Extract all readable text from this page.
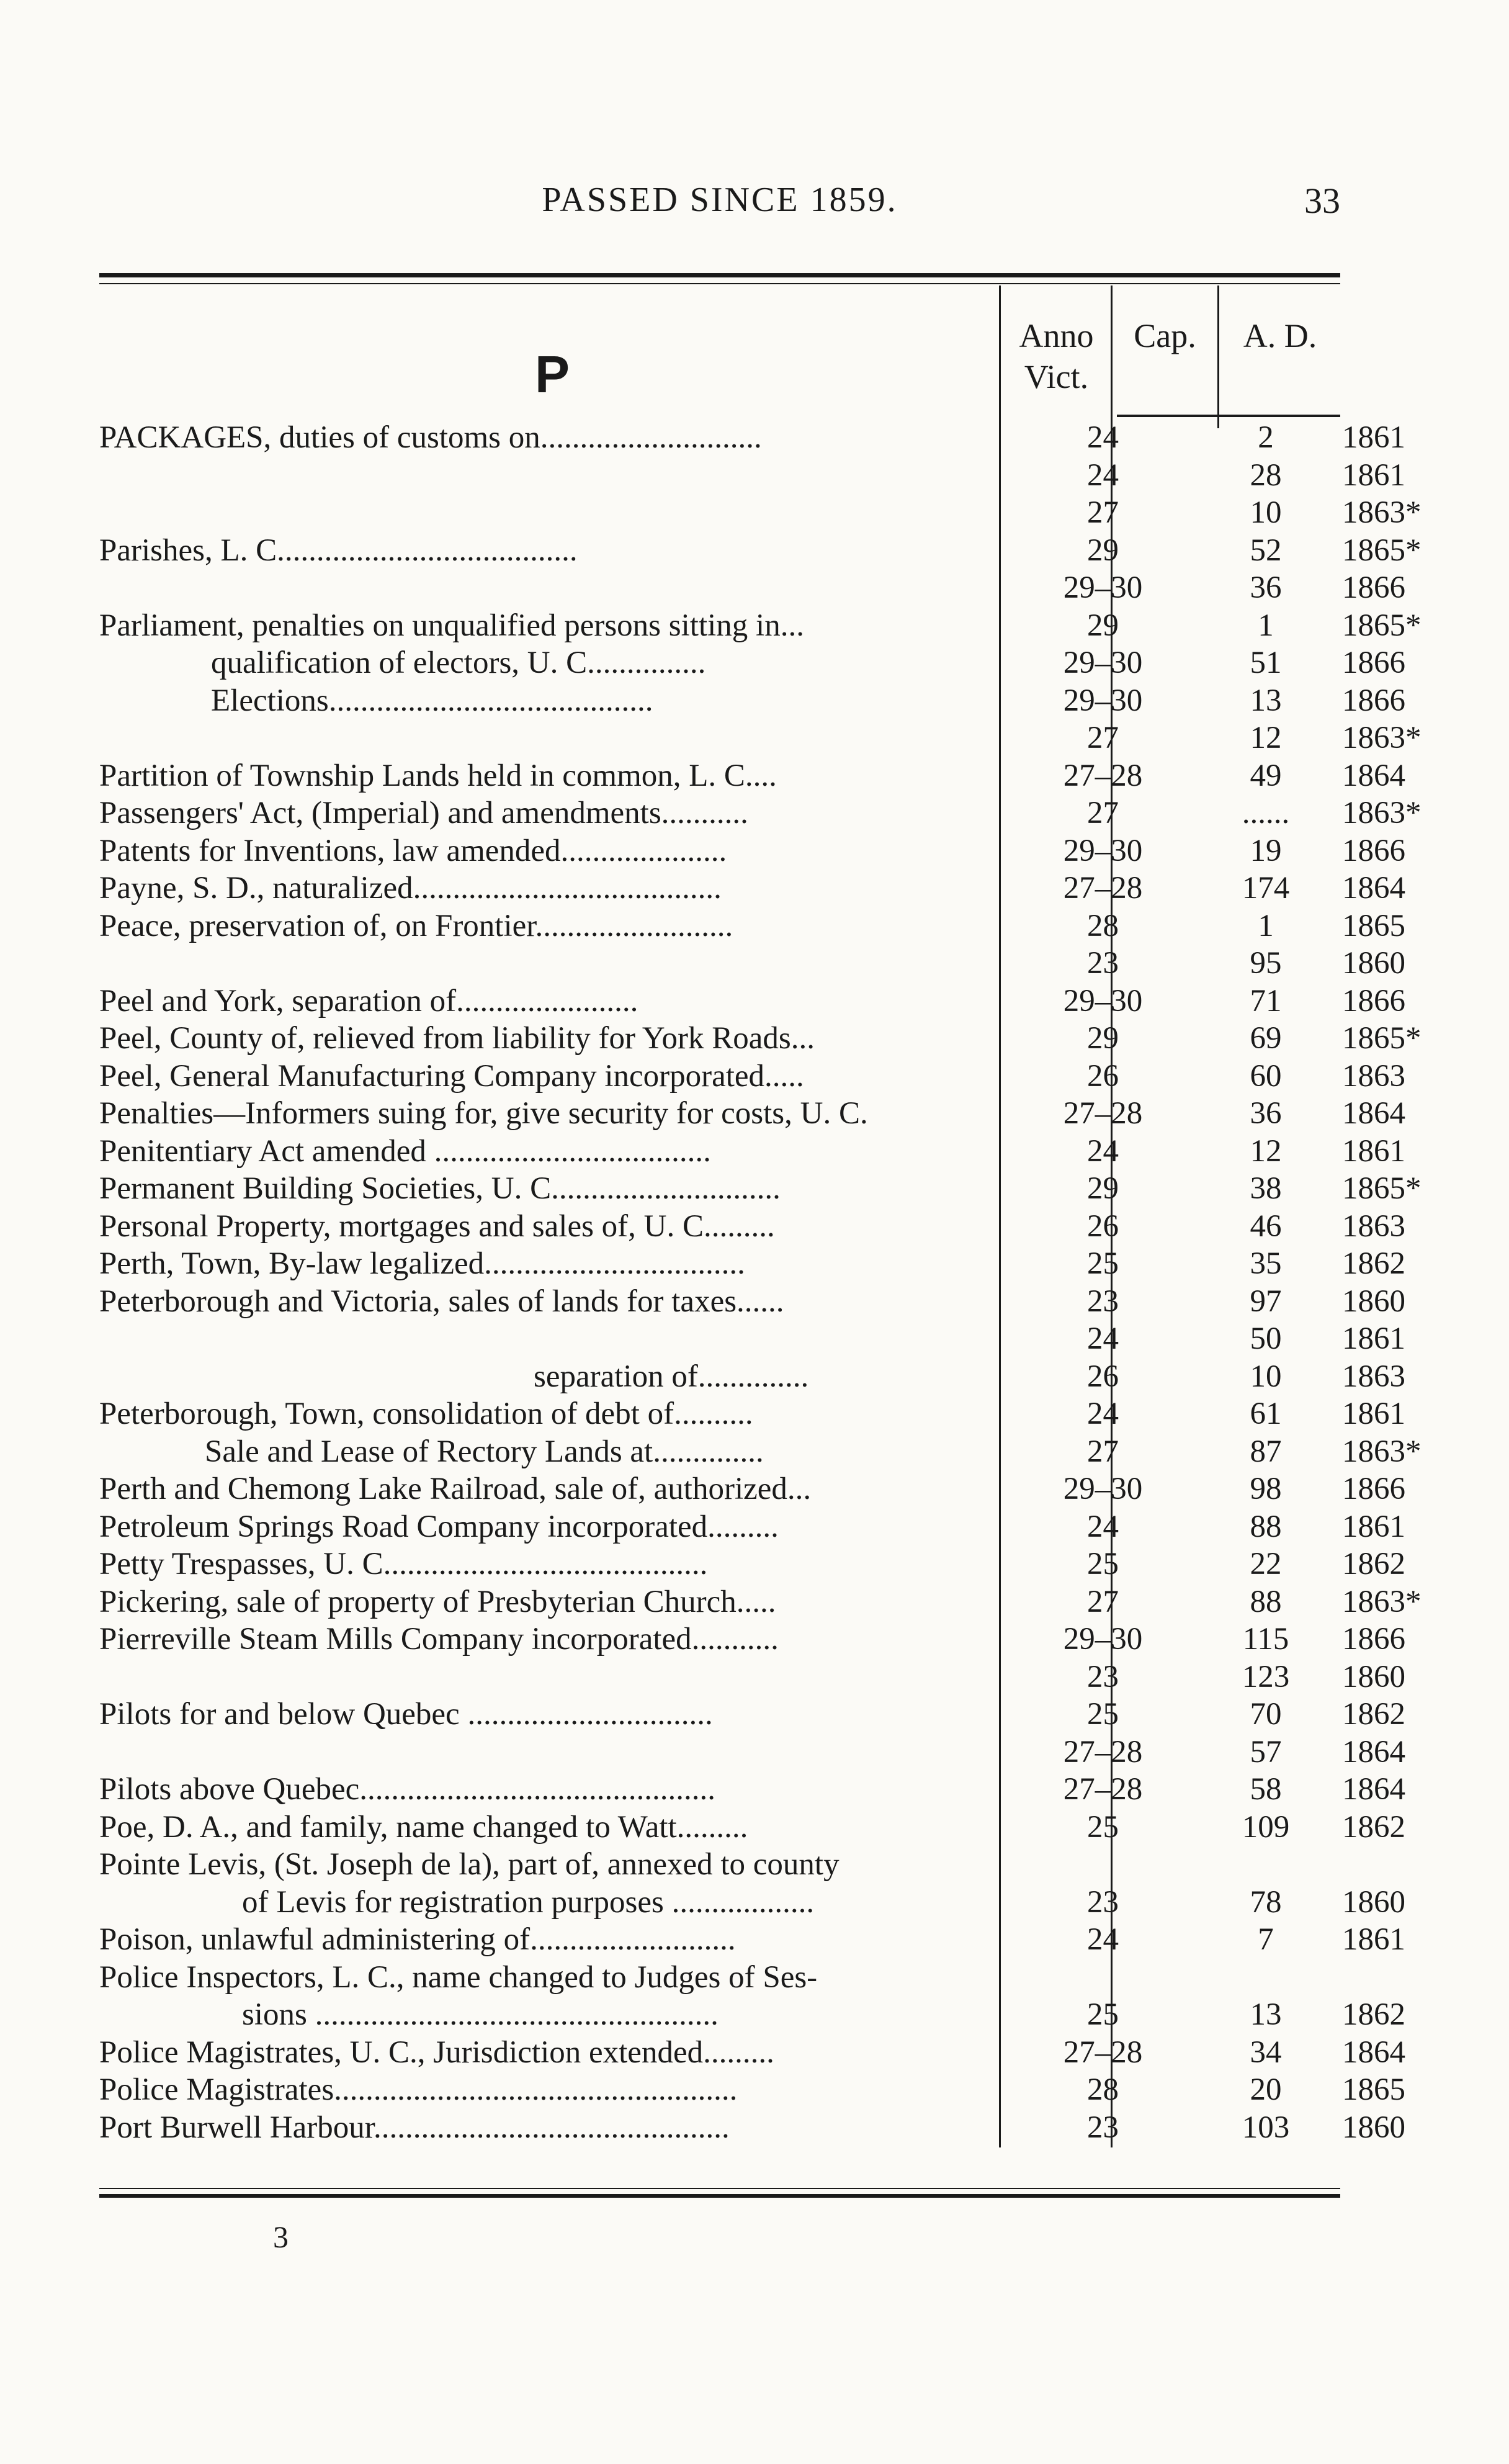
PASSED SINCE 1859.	33
Anno Vict.
Cap.	A. D.
P
PACKAGES, duties of customs on............................	24	2	1861
24	28	1861
27	10	1863*
Parishes, L. C......................................	29	52	1865*
29–30	36	1866
Parliament, penalties on unqualified persons sitting in...	29	1	1865*
qualification of electors, U. C...............	29–30	51	1866
Elections.........................................	29–30	13	1866
27	12	1863*
Partition of Township Lands held in common, L. C....	27–28	49	1864
Passengers' Act, (Imperial) and amendments...........	27	......	1863*
Patents for Inventions, law amended.....................	29–30	19	1866
Payne, S. D., naturalized.......................................	27–28	174	1864
Peace, preservation of, on Frontier.........................	28	1	1865
23	95	1860
Peel and York, separation of.......................	29–30	71	1866
Peel, County of, relieved from liability for York Roads...	29	69	1865*
Peel, General Manufacturing Company incorporated.....	26	60	1863
Penalties—Informers suing for, give security for costs, U. C.	27–28	36	1864
Penitentiary Act amended ...................................	24	12	1861
Permanent Building Societies, U. C.............................	29	38	1865*
Personal Property, mortgages and sales of, U. C.........	26	46	1863
Perth, Town, By-law legalized.................................	25	35	1862
Peterborough and Victoria, sales of lands for taxes......	23	97	1860
24	50	1861
separation of..............	26	10	1863
Peterborough, Town, consolidation of debt of..........	24	61	1861
Sale and Lease of Rectory Lands at..............	27	87	1863*
Perth and Chemong Lake Railroad, sale of, authorized...	29–30	98	1866
Petroleum Springs Road Company incorporated.........	24	88	1861
Petty Trespasses, U. C.........................................	25	22	1862
Pickering, sale of property of Presbyterian Church.....	27	88	1863*
Pierreville Steam Mills Company incorporated...........	29–30	115	1866
23	123	1860
Pilots for and below Quebec ...............................	25	70	1862
27–28	57	1864
Pilots above Quebec.............................................	27–28	58	1864
Poe, D. A., and family, name changed to Watt.........	25	109	1862
Pointe Levis, (St. Joseph de la), part of, annexed to county
of Levis for registration purposes ..................	23	78	1860
Poison, unlawful administering of..........................	24	7	1861
Police Inspectors, L. C., name changed to Judges of Ses-
sions ...................................................	25	13	1862
Police Magistrates, U. C., Jurisdiction extended.........	27–28	34	1864
Police Magistrates...................................................	28	20	1865
Port Burwell Harbour.............................................	23	103	1860
3
